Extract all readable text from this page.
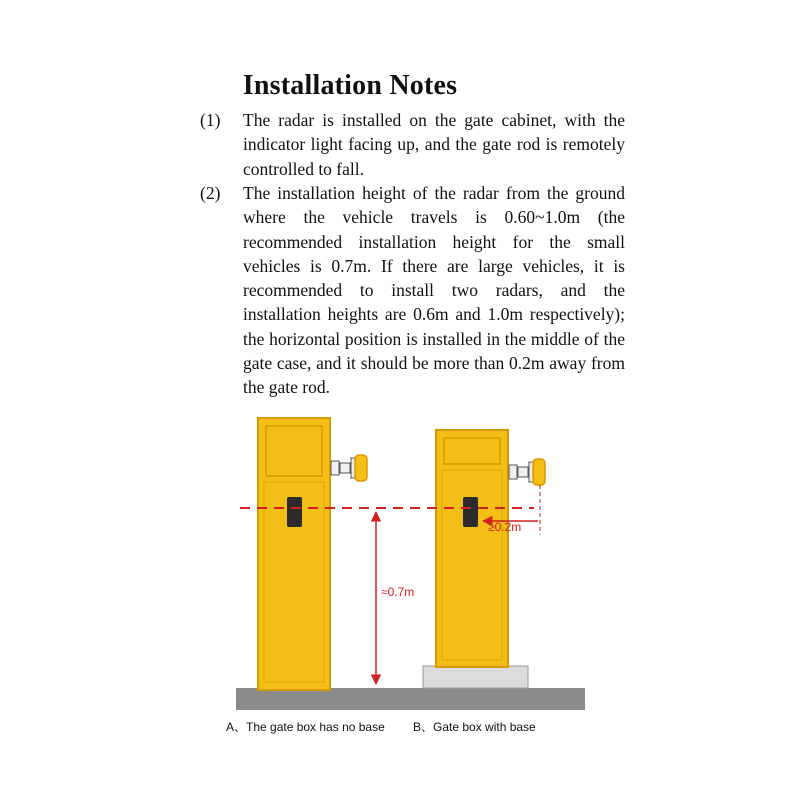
Installation Notes
(1) The radar is installed on the gate cabinet, with the indicator light facing up, and the gate rod is remotely controlled to fall.
(2) The installation height of the radar from the ground where the vehicle travels is 0.60~1.0m (the recommended installation height for the small vehicles is 0.7m. If there are large vehicles, it is recommended to install two radars, and the installation heights are 0.6m and 1.0m respectively); the horizontal position is installed in the middle of the gate case, and it should be more than 0.2m away from the gate rod.
≈0.7m
≥0.2m
A、The gate box has no base B、Gate box with base
